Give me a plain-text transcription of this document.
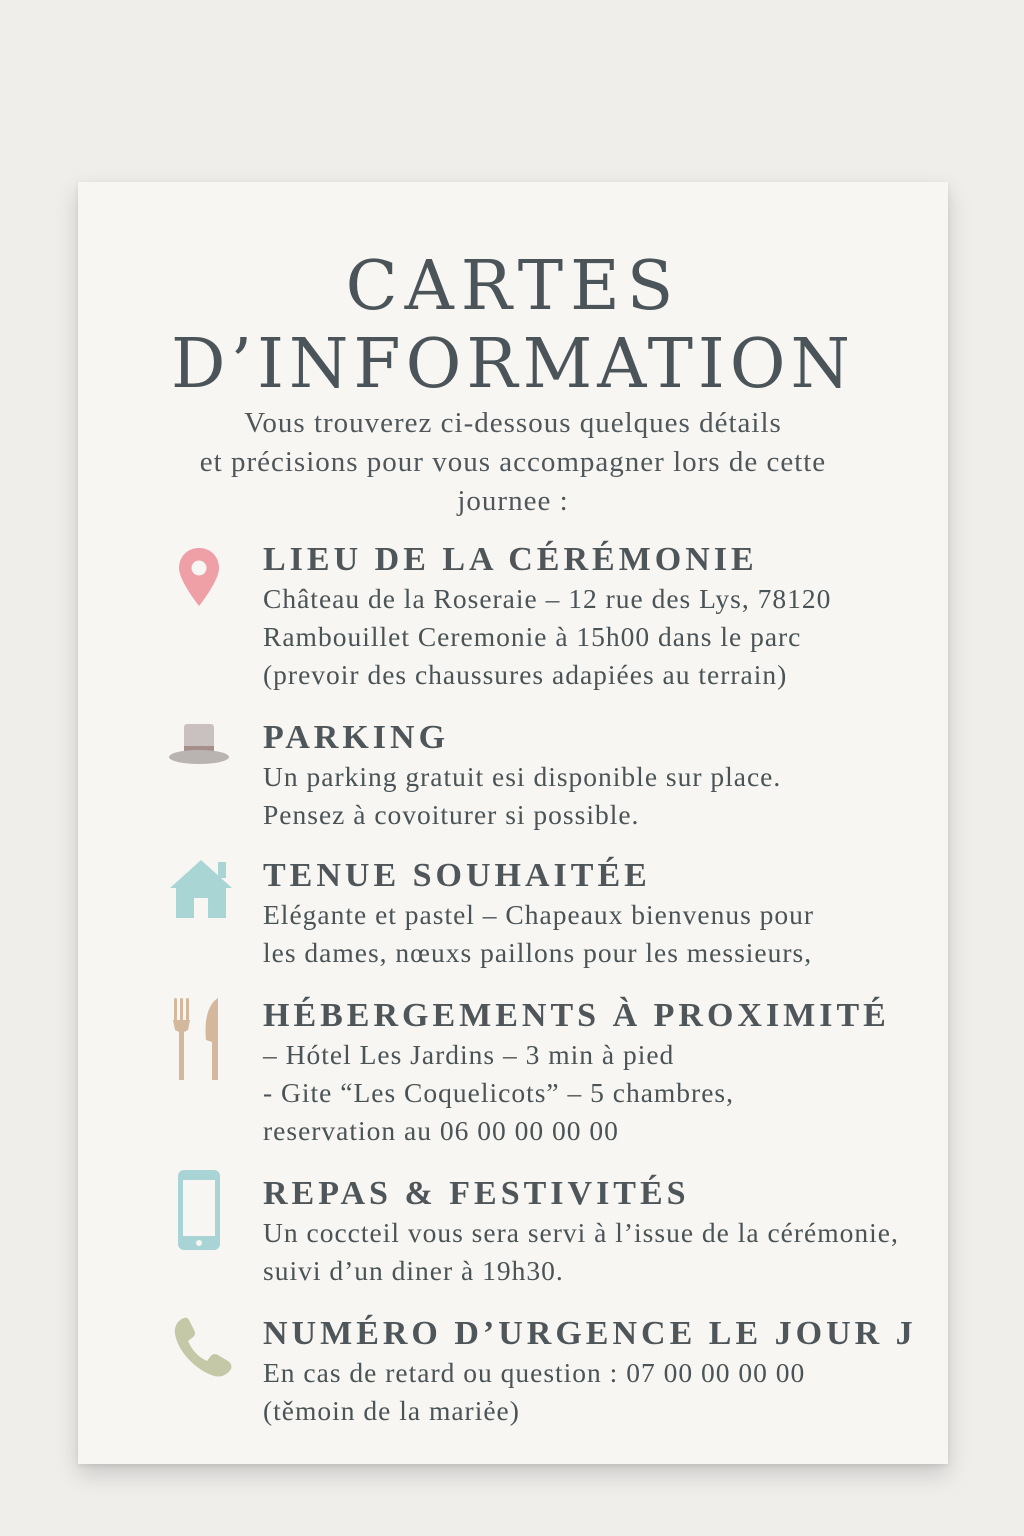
CARTES
D’INFORMATION
Vous trouverez ci-dessous quelques détails
et précisions pour vous accompagner lors de cette
journee :
LIEU DE LA CÉRÉMONIE
Château de la Roseraie – 12 rue des Lys, 78120
Rambouillet Ceremonie à 15h00 dans le parc
(prevoir des chaussures adapiées au terrain)
PARKING
Un parking gratuit esi disponible sur place.
Pensez à covoiturer si possible.
TENUE SOUHAITÉE
Elégante et pastel – Chapeaux bienvenus pour
les dames, nœuxs paillons pour les messieurs,
HÉBERGEMENTS À PROXIMITÉ
– Hótel Les Jardins – 3 min à pied
- Gite “Les Coquelicots” – 5 chambres,
reservation au 06 00 00 00 00
REPAS & FESTIVITÉS
Un coccteil vous sera servi à l’issue de la cérémonie,
suivi d’un diner à 19h30.
NUMÉRO D’URGENCE LE JOUR J
En cas de retard ou question : 07 00 00 00 00
(těmoin de la mariẻe)
